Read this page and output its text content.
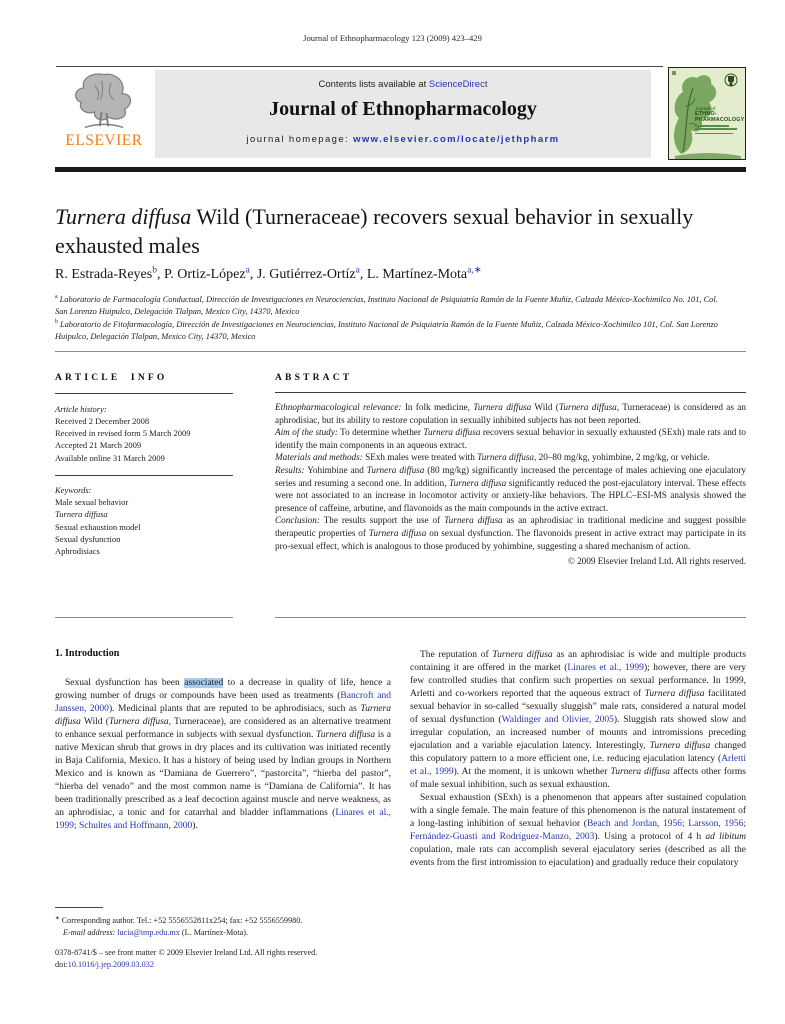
Journal of Ethnopharmacology 123 (2009) 423–429
ELSEVIER
Contents lists available at ScienceDirect
Journal of Ethnopharmacology
journal homepage: www.elsevier.com/locate/jethpharm
Journal of
ETHNO-
PHARMACOLOGY
Turnera diffusa Wild (Turneraceae) recovers sexual behavior in sexually exhausted males
R. Estrada-Reyes$^b$, P. Ortiz-López$^a$, J. Gutiérrez-Ortíz$^a$, L. Martínez-Mota$^{a,∗}$
$^a$ Laboratorio de Farmacología Conductual, Dirección de Investigaciones en Neurociencias, Instituto Nacional de Psiquiatría Ramón de la Fuente Muñiz, Calzada México-Xochimilco No. 101, Col. San Lorenzo Huipulco, Delegación Tlalpan, Mexico City, 14370, Mexico
$^b$ Laboratorio de Fitofarmacología, Dirección de Investigaciones en Neurociencias, Instituto Nacional de Psiquiatría Ramón de la Fuente Muñiz, Calzada México-Xochimilco 101, Col. San Lorenzo Huipulco, Delegación Tlalpan, Mexico City, 14370, Mexico
ARTICLE INFO
Article history:
Received 2 December 2008
Received in revised form 5 March 2009
Accepted 21 March 2009
Available online 31 March 2009
Keywords:
Male sexual behavior
Turnera diffusa
Sexual exhaustion model
Sexual dysfunction
Aphrodisiacs
ABSTRACT

Ethnopharmacological relevance: In folk medicine, Turnera diffusa Wild (Turnera diffusa, Turneraceae) is considered as an aphrodisiac, but its ability to restore copulation in sexually inhibited subjects has not been reported.

Aim of the study: To determine whether Turnera diffusa recovers sexual behavior in sexually exhausted (SExh) male rats and to identify the main components in an aqueous extract.

Materials and methods: SExh males were treated with Turnera diffusa, 20–80 mg/kg, yohimbine, 2 mg/kg, or vehicle.

Results: Yohimbine and Turnera diffusa (80 mg/kg) significantly increased the percentage of males achieving one ejaculatory series and resuming a second one. In addition, Turnera diffusa significantly reduced the post-ejaculatory interval. These effects were not associated to an increase in locomotor activity or anxiety-like behaviors. The HPLC–ESI-MS analysis showed the presence of caffeine, arbutine, and flavonoids as the main compounds in the active extract.

Conclusion: The results support the use of Turnera diffusa as an aphrodisiac in traditional medicine and suggest possible therapeutic properties of Turnera diffusa on sexual dysfunction. The flavonoids present in active extract may participate in its pro-sexual effect, which is analogous to those produced by yohimbine, suggesting a shared mechanism of action.

© 2009 Elsevier Ireland Ltd. All rights reserved.
1. Introduction

Sexual dysfunction has been associated to a decrease in quality of life, hence a growing number of drugs or compounds have been used as treatments (Bancroft and Janssen, 2000). Medicinal plants that are reputed to be aphrodisiacs, such as Turnera diffusa Wild (Turnera diffusa, Turneraceae), are considered as an alternative treatment to enhance sexual performance in subjects with sexual dysfunction. Turnera diffusa is a native Mexican shrub that grows in dry places and its cultivation was initiated recently in Baja California, Mexico. It has a history of being used by Indian groups in Northern Mexico and is known as “Damiana de Guerrero”, “pastorcita”, “hierba del pastor”, “hierba del venado” and the most common name is “Damiana de California”. It has been traditionally prescribed as a leaf decoction against muscle and nerve weakness, as an aphrodisiac, a tonic and for catarrhal and bladder inflammations (Linares et al., 1999; Schultes and Hoffmann, 2000).

The reputation of Turnera diffusa as an aphrodisiac is wide and multiple products containing it are offered in the market (Linares et al., 1999); however, there are very few controlled studies that confirm such properties on sexual performance. In 1999, Arletti and co-workers reported that the aqueous extract of Turnera diffusa facilitated sexual behavior in so-called “sexually sluggish” male rats, considered a natural model of sexual dysfunction (Waldinger and Olivier, 2005). Sluggish rats showed slow and irregular copulation, an increased number of mounts and intromissions preceding ejaculation and a variable ejaculation latency. Interestingly, Turnera diffusa changed this copulatory pattern to a more efficient one, i.e. reducing ejaculation latency (Arletti et al., 1999). At the moment, it is unkown whether Turnera diffusa affects other forms of male sexual inhibition, such as sexual exhaustion.

Sexual exhaustion (SExh) is a phenomenon that appears after sustained copulation with a single female. The main feature of this phenomenon is the natural instatement of a long-lasting inhibition of sexual behavior (Beach and Jordan, 1956; Larsson, 1956; Fernández-Guasti and Rodríguez-Manzo, 2003). Using a protocol of 4 h ad libitum copulation, male rats can accomplish several ejaculatory series (described as all the events from the first intromission to ejaculation) and gradually reduce their copulatory

∗ Corresponding author. Tel.: +52 5556552811x254; fax: +52 5556559980.
E-mail address: lucia@imp.edu.mx (L. Martínez-Mota).
0378-8741/$ – see front matter © 2009 Elsevier Ireland Ltd. All rights reserved.
doi:10.1016/j.jep.2009.03.032
